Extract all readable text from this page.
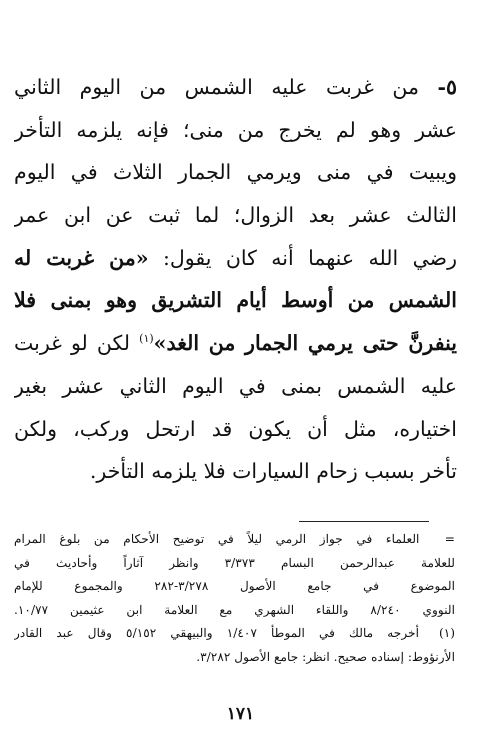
٥- من غربت عليه الشمس من اليوم الثاني
عشر وهو لم يخرج من منى؛ فإنه يلزمه التأخر
ويبيت في منى ويرمي الجمار الثلاث في اليوم
الثالث عشر بعد الزوال؛ لما ثبت عن ابن عمر
رضي الله عنهما أنه كان يقول: «من غربت له
الشمس من أوسط أيام التشريق وهو بمنى فلا
ينفرنَّ حتى يرمي الجمار من الغد»$^{(١)}$ لكن لو غربت
عليه الشمس بمنى في اليوم الثاني عشر بغير
اختياره، مثل أن يكون قد ارتحل وركب، ولكن
تأخر بسبب زحام السيارات فلا يلزمه التأخر.
= العلماء في جواز الرمي ليلاً في توضيح الأحكام من بلوغ المرام
للعلامة عبدالرحمن البسام ٣/٣٧٣ وانظر آثاراً وأحاديث في
الموضوع في جامع الأصول ٣/٢٧٨-٢٨٢ والمجموع للإمام
النووي ٨/٢٤٠ واللقاء الشهري مع العلامة ابن عثيمين ١٠/٧٧.
(١) أخرجه مالك في الموطأ ١/٤٠٧ والبيهقي ٥/١٥٢ وقال عبد القادر
الأرنؤوط: إسناده صحيح. انظر: جامع الأصول ٣/٢٨٢.
١٧١
